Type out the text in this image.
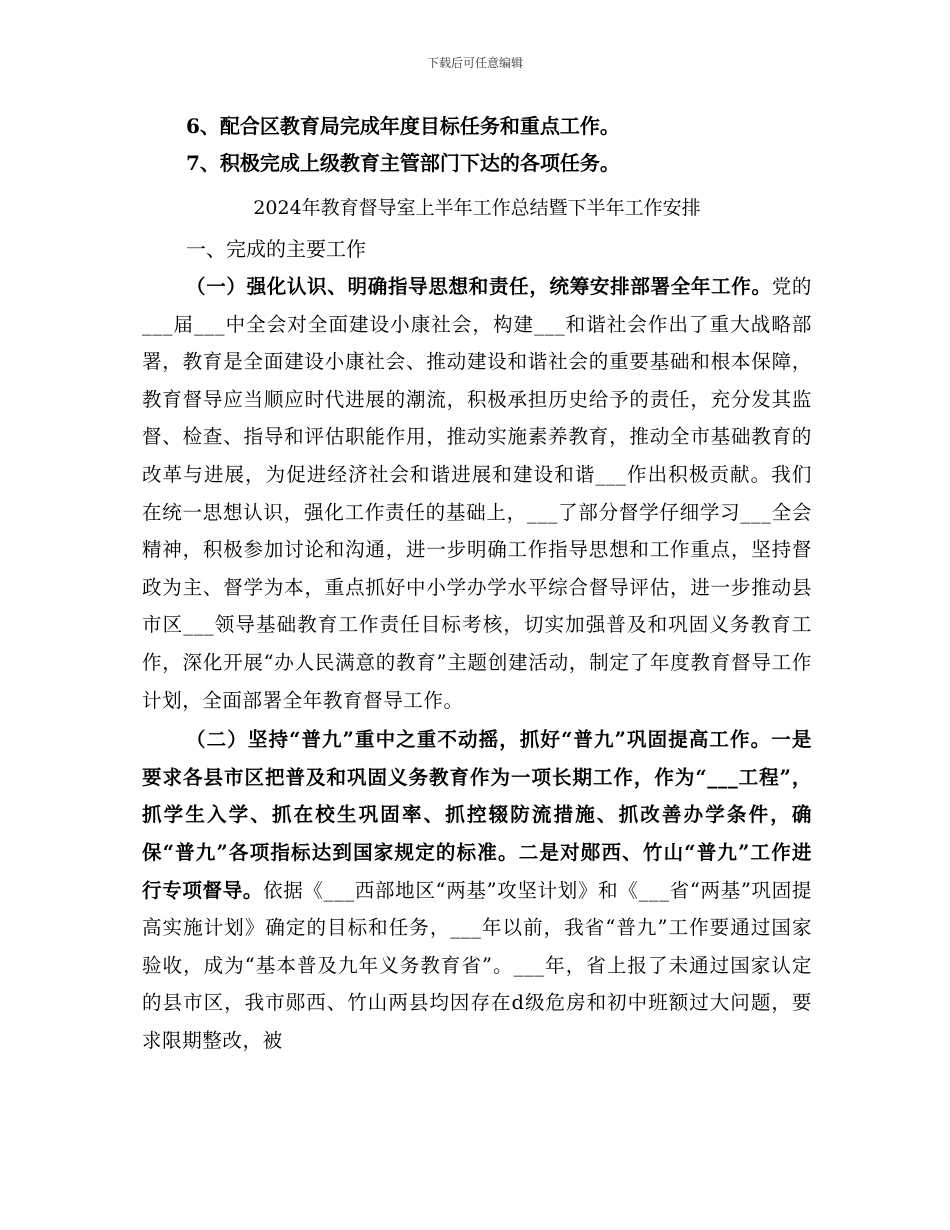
下载后可任意编辑

6、配合区教育局完成年度目标任务和重点工作。

7、积极完成上级教育主管部门下达的各项任务。

2024年教育督导室上半年工作总结暨下半年工作安排
一、完成的主要工作

（一）强化认识、明确指导思想和责任，统筹安排部署全年工作。党的___届___中全会对全面建设小康社会，构建___和谐社会作出了重大战略部署，教育是全面建设小康社会、推动建设和谐社会的重要基础和根本保障，教育督导应当顺应时代进展的潮流，积极承担历史给予的责任，充分发其监督、检查、指导和评估职能作用，推动实施素养教育，推动全市基础教育的改革与进展，为促进经济社会和谐进展和建设和谐___作出积极贡献。我们在统一思想认识，强化工作责任的基础上，___了部分督学仔细学习___全会精神，积极参加讨论和沟通，进一步明确工作指导思想和工作重点，坚持督政为主、督学为本，重点抓好中小学办学水平综合督导评估，进一步推动县市区___领导基础教育工作责任目标考核，切实加强普及和巩固义务教育工作，深化开展“办人民满意的教育”主题创建活动，制定了年度教育督导工作计划，全面部署全年教育督导工作。

（二）坚持“普九”重中之重不动摇，抓好“普九”巩固提高工作。一是要求各县市区把普及和巩固义务教育作为一项长期工作，作为“___工程”，抓学生入学、抓在校生巩固率、抓控辍防流措施、抓改善办学条件，确保“普九”各项指标达到国家规定的标准。二是对郧西、竹山“普九”工作进行专项督导。依据《___西部地区“两基”攻坚计划》和《___省“两基”巩固提高实施计划》确定的目标和任务，___年以前，我省“普九”工作要通过国家验收，成为“基本普及九年义务教育省”。___年，省上报了未通过国家认定的县市区，我市郧西、竹山两县均因存在d级危房和初中班额过大问题，要求限期整改，被
